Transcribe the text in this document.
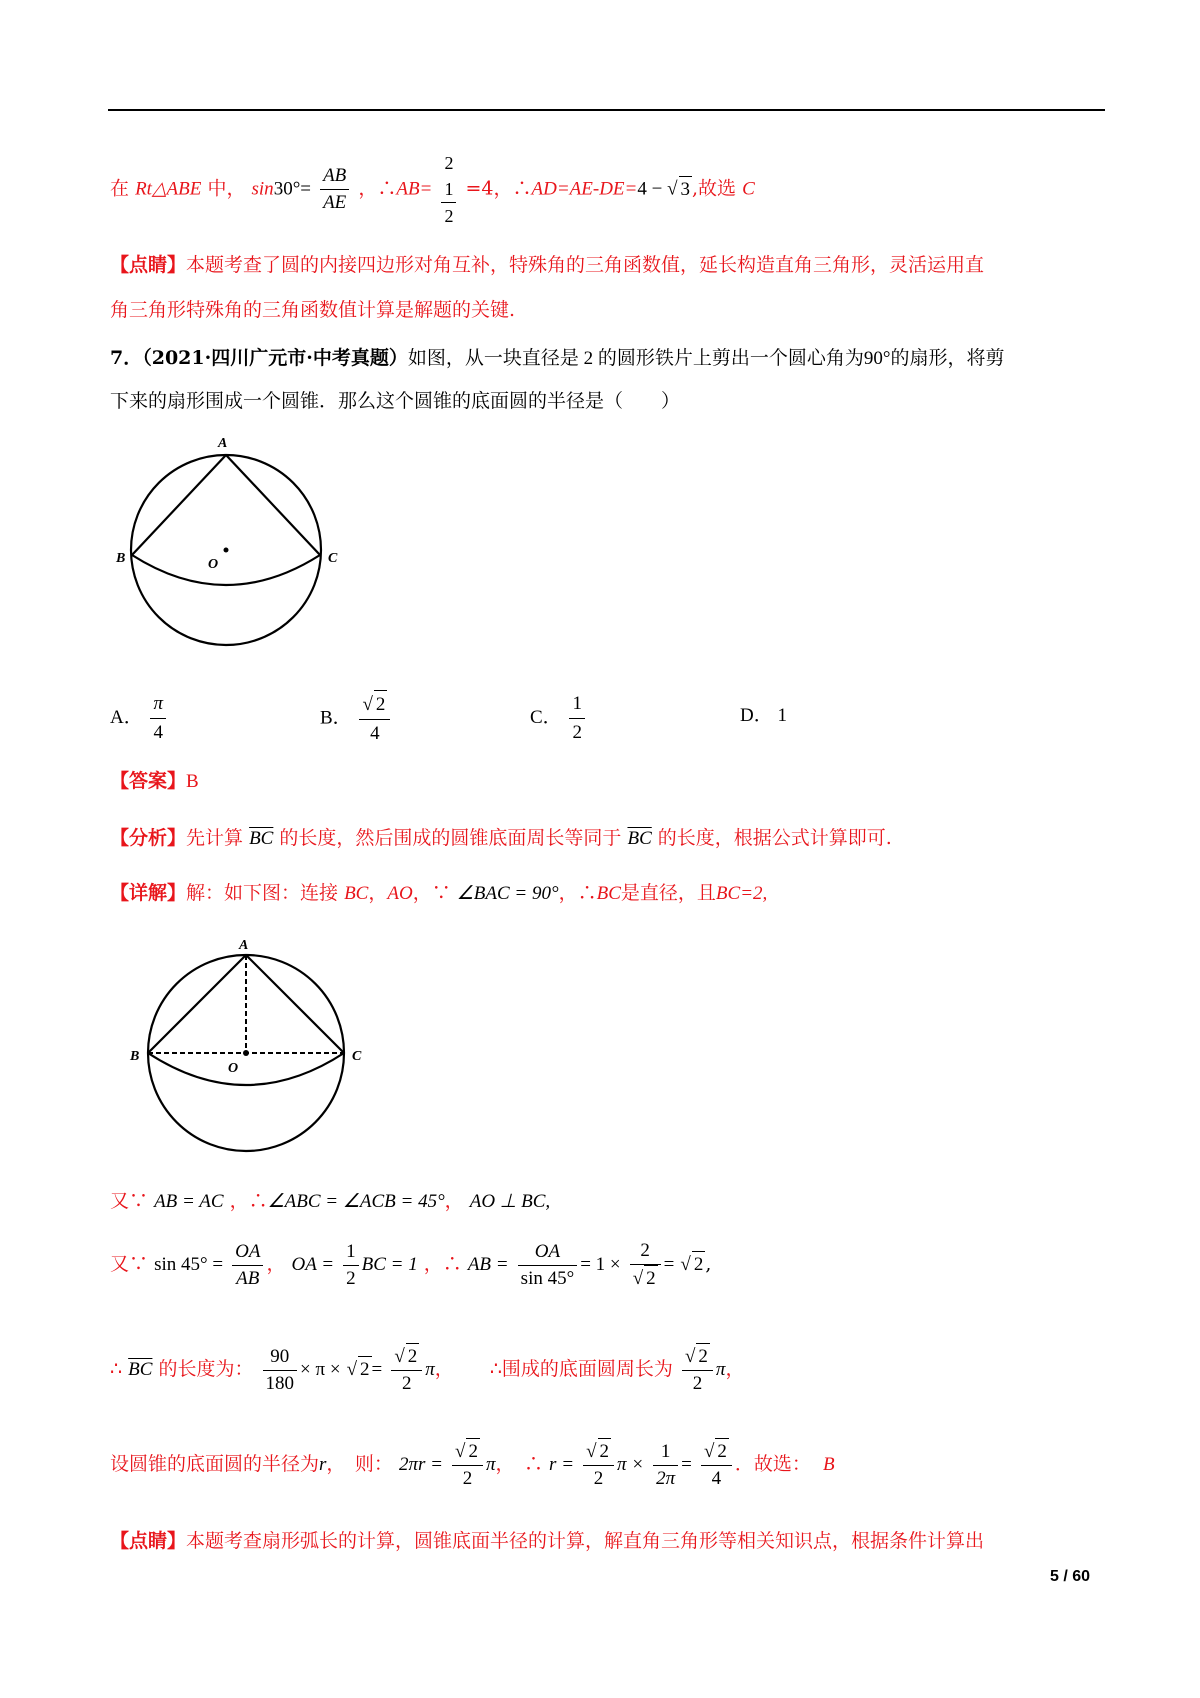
在 Rt△ABE 中， $\sin 30^\circ= \frac{AB}{AE}$ ，∴AB=
2
1
2
=4，∴AD=AE-DE=4 − √ 3 ,故选 C
【点睛】本题考查了圆的内接四边形对角互补，特殊角的三角函数值，延长构造直角三角形，灵活运用直
角三角形特殊角的三角函数值计算是解题的关键.
7．（2021·四川广元市·中考真题）如图，从一块直径是 2 的圆形铁片上剪出一个圆心角为90°的扇形，将剪
下来的扇形围成一个圆锥．那么这个圆锥的底面圆的半径是（　　）
A
B	C
O
A． $\frac{\pi}{4}$	B． $\frac{√ 2}{4}$	C． $\frac{1}{2}$	D． 1
【答案】B
【分析】先计算 $\overline{BC}$ 的长度，然后围成的圆锥底面周长等同于 $\overline{BC}$ 的长度，根据公式计算即可.
【详解】解：如下图：连接 BC，AO，∵ ∠BAC = 90°，∴BC是直径，且BC=2,
A
B	C
O
又∵ AB = AC ，∴∠ABC = ∠ACB = 45°， AO ⊥ BC,
又∵ $\sin 45^\circ = \frac{OA}{AB}$ ， OA = $\frac{1}{2}$ BC = 1 ，∴ AB = $\frac{OA}{\sin 45^\circ} = 1 \times \frac{2}{√ 2}$ = √ 2 ,
∴ $\overline{BC}$ 的长度为： $\frac{90}{180} \times \pi$ × √ $2 = \frac{√ 2}{2}$ π， ∴围成的底面圆周长为 $\frac{√ 2}{2}$ π，
设圆锥的底面圆的半径为r，　则： $2\pi r = \frac{√ 2}{2}$ π，　∴ $r = \frac{√ 2}{2}$ $\pi \times \frac{1}{2\pi} = \frac{√ 2}{4}$ ．故选： B
【点睛】本题考查扇形弧长的计算，圆锥底面半径的计算，解直角三角形等相关知识点，根据条件计算出
5 / 60
